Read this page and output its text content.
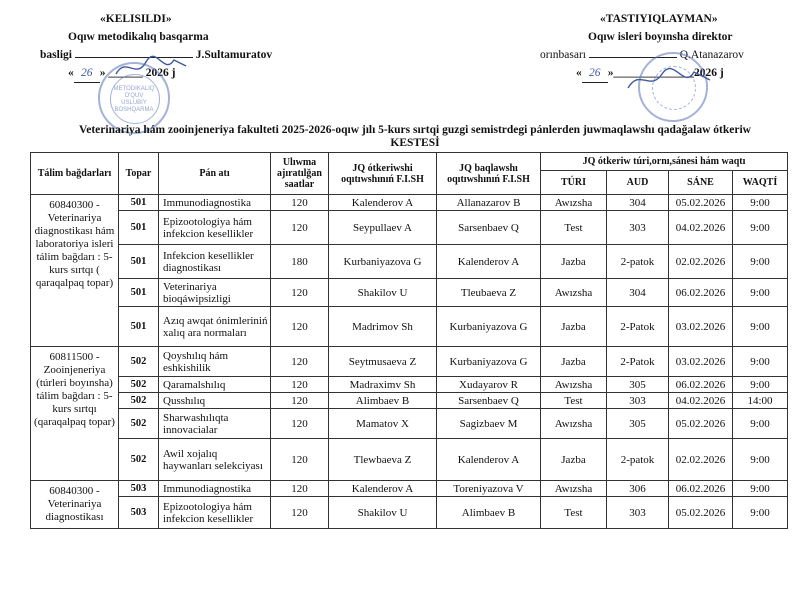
«KELISILDI»
Oqıw metodikalıq basqarma
basligi	J.Sultamuratov
« 26 » ______ 2026 j
METODIKALIQ
O'QUV
USLUBIY
BOSHQARMA
«TASTIYIQLAYMAN»
Oqıw isleri boyınsha direktor
orınbasarı	Q.Atanazarov
« 26 »______________2026 j
Veterinariya hám zooinjeneriya fakulteti 2025-2026-oqıw jılı 5-kurs sırtqi guzgi semistrdegi pánlerden juwmaqlawshı qadağalaw ótkeriw KESTESİ
Tálim bağdarları	Topar	Pán atı	Ulıwma ajıratılğan saatlar	JQ ótkeriwshi oqıtıwshınıń F.I.SH	JQ baqlawshı oqıtıwshınıń F.I.SH	JQ ótkeriw túri,ornı,sánesi hám waqtı			
						TÚRI	AUD	SÁNE	WAQTÍ
60840300 - Veterinariya diagnostikası hám laboratoriya isleri tálim bağdarı : 5-kurs sırtqı ( qaraqalpaq topar)	501	Immunodiagnostika	120	Kalenderov A	Allanazarov B	Awızsha	304	05.02.2026	9:00
	501	Epizootologiya hám infekcion kesellikler	120	Seypullaev A	Sarsenbaev Q	Test	303	04.02.2026	9:00
	501	Infekcion kesellikler diagnostikası	180	Kurbaniyazova G	Kalenderov A	Jazba	2-patok	02.02.2026	9:00
	501	Veterinariya bioqáwipsizligi	120	Shakilov U	Tleubaeva Z	Awızsha	304	06.02.2026	9:00
	501	Azıq awqat ónimleriniń xalıq ara normaları	120	Madrimov Sh	Kurbaniyazova G	Jazba	2-Patok	03.02.2026	9:00
60811500 - Zooinjeneriya (túrleri boyınsha) tálim bağdarı : 5-kurs sırtqı (qaraqalpaq topar)	502	Qoyshılıq hám eshkishilik	120	Seytmusaeva Z	Kurbaniyazova G	Jazba	2-Patok	03.02.2026	9:00
	502	Qaramalshılıq	120	Madraximv Sh	Xudayarov R	Awızsha	305	06.02.2026	9:00
	502	Qusshılıq	120	Alimbaev B	Sarsenbaev Q	Test	303	04.02.2026	14:00
	502	Sharwashılıqta innovacialar	120	Mamatov X	Sagizbaev M	Awızsha	305	05.02.2026	9:00
	502	Awil xojalıq haywanları selekciyası	120	Tlewbaeva Z	Kalenderov A	Jazba	2-patok	02.02.2026	9:00
60840300 - Veterinariya diagnostikası	503	Immunodiagnostika	120	Kalenderov A	Toreniyazova V	Awızsha	306	06.02.2026	9:00
	503	Epizootologiya hám infekcion kesellikler	120	Shakilov U	Alimbaev B	Test	303	05.02.2026	9:00
